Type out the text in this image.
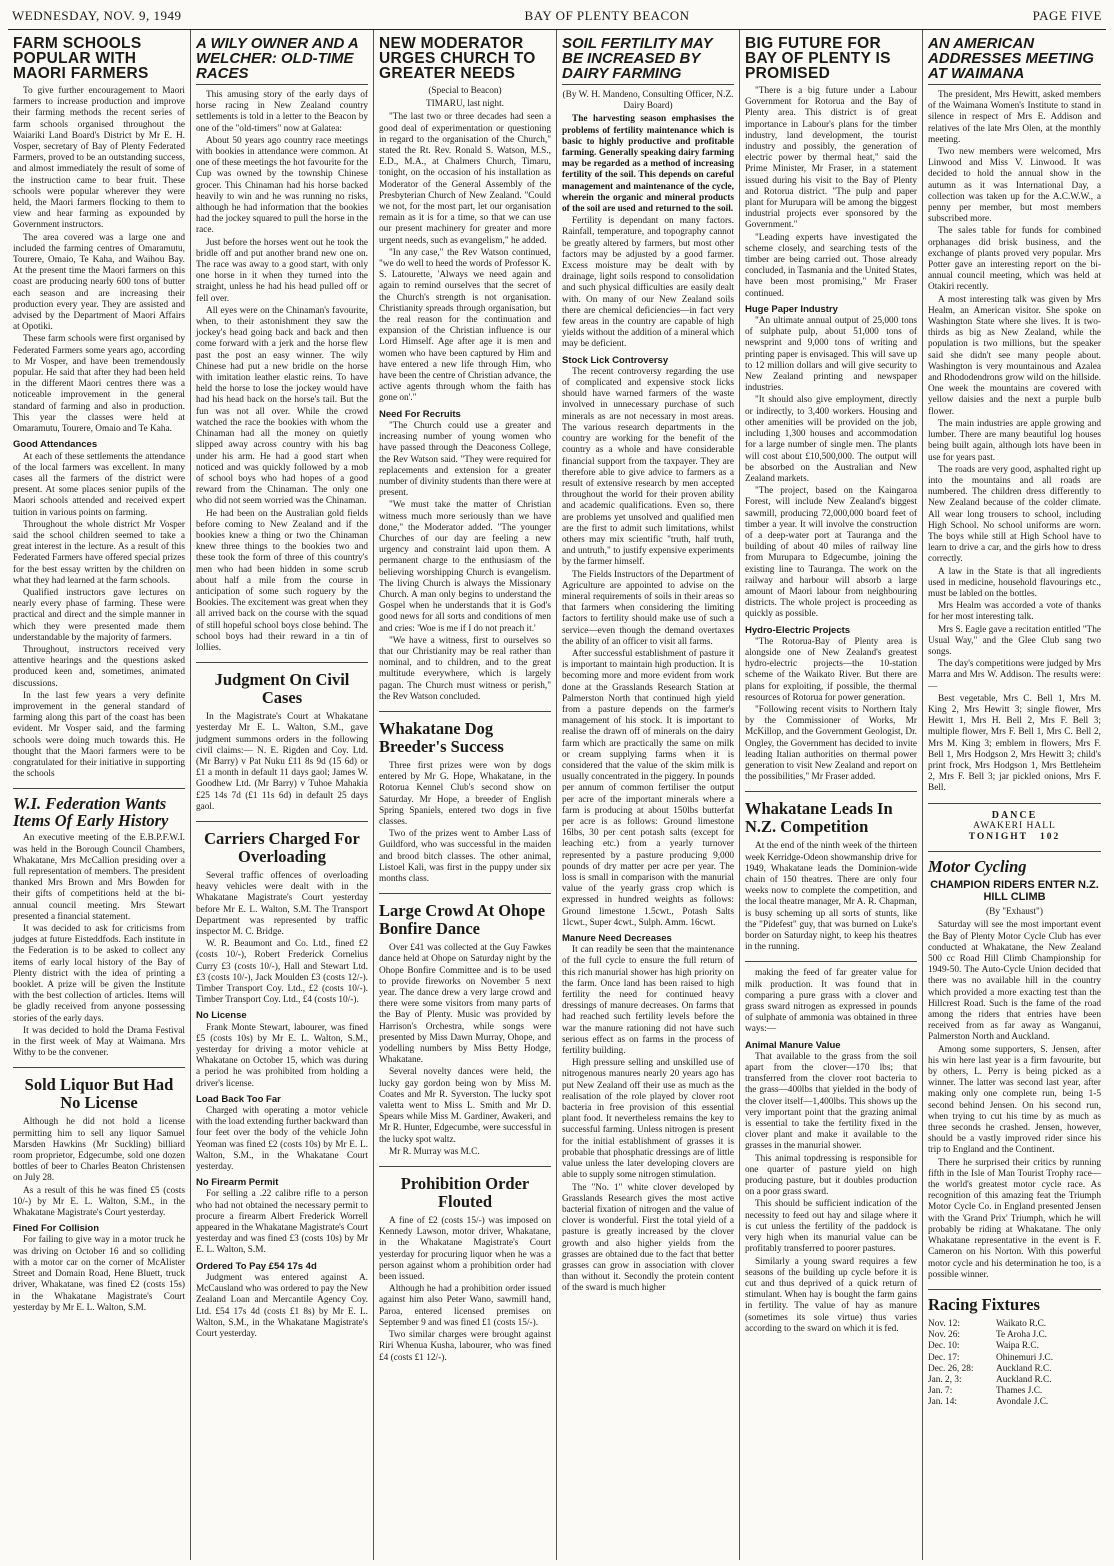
WEDNESDAY, NOV. 9, 1949	BAY OF PLENTY BEACON	PAGE FIVE
FARM SCHOOLS POPULAR WITH MAORI FARMERS

To give further encouragement to Maori farmers to increase production and improve their farming methods the recent series of farm schools organised throughout the Waiariki Land Board's District by Mr E. H. Vosper, secretary of Bay of Plenty Federated Farmers, proved to be an outstanding success, and almost immediately the result of some of the instruction came to bear fruit. These schools were popular wherever they were held, the Maori farmers flocking to them to view and hear farming as expounded by Government instructors.

The area covered was a large one and included the farming centres of Omaramutu, Tourere, Omaio, Te Kaha, and Waihou Bay. At the present time the Maori farmers on this coast are producing nearly 600 tons of butter each season and are increasing their production every year. They are assisted and advised by the Department of Maori Affairs at Opotiki.

These farm schools were first organised by Federated Farmers some years ago, according to Mr Vosper, and have been tremendously popular. He said that after they had been held in the different Maori centres there was a noticeable improvement in the general standard of farming and also in production. This year the classes were held at Omaramutu, Tourere, Omaio and Te Kaha.

Good Attendances

At each of these settlements the attendance of the local farmers was excellent. In many cases all the farmers of the district were present. At some places senior pupils of the Maori schools attended and received expert tuition in various points on farming.

Throughout the whole district Mr Vosper said the school children seemed to take a great interest in the lecture. As a result of this Federated Farmers have offered special prizes for the best essay written by the children on what they had learned at the farm schools.

Qualified instructors gave lectures on nearly every phase of farming. These were practical and direct and the simple manner in which they were presented made them understandable by the majority of farmers.

Throughout, instructors received very attentive hearings and the questions asked produced keen and, sometimes, animated discussions.

In the last few years a very definite improvement in the general standard of farming along this part of the coast has been evident. Mr Vosper said, and the farming schools were doing much towards this. He thought that the Maori farmers were to be congratulated for their initiative in supporting the schools

W.I. Federation Wants Items Of Early History

An executive meeting of the E.B.P.F.W.I. was held in the Borough Council Chambers, Whakatane, Mrs McCallion presiding over a full representation of members. The president thanked Mrs Brown and Mrs Bowden for their gifts of competitions held at the bi-annual council meeting. Mrs Stewart presented a financial statement.

It was decided to ask for criticisms from judges at future Eisteddfods. Each institute in the Federation is to be asked to collect any items of early local history of the Bay of Plenty district with the idea of printing a booklet. A prize will be given the Institute with the best collection of articles. Items will be gladly received from anyone possessing stories of the early days.

It was decided to hold the Drama Festival in the first week of May at Waimana. Mrs Withy to be the convener.

Sold Liquor But Had No License

Although he did not hold a license permitting him to sell any liquor Samuel Marsden Hawkins (Mr Suckling) billiard room proprietor, Edgecumbe, sold one dozen bottles of beer to Charles Beaton Christensen on July 28.

As a result of this he was fined £5 (costs 10/-) by Mr E. L. Walton, S.M., in the Whakatane Magistrate's Court yesterday.

Fined For Collision

For failing to give way in a motor truck he was driving on October 16 and so colliding with a motor car on the corner of McAlister Street and Domain Road, Hene Bluett, truck driver, Whakatane, was fined £2 (costs 15s) in the Whakatane Magistrate's Court yesterday by Mr E. L. Walton, S.M.

A WILY OWNER AND A WELCHER: OLD-TIME RACES

This amusing story of the early days of horse racing in New Zealand country settlements is told in a letter to the Beacon by one of the "old-timers" now at Galatea:

About 50 years ago country race meetings with bookies in attendance were common. At one of these meetings the hot favourite for the Cup was owned by the township Chinese grocer. This Chinaman had his horse backed heavily to win and he was running no risks, although he had information that the bookies had the jockey squared to pull the horse in the race.

Just before the horses went out he took the bridle off and put another brand new one on. The race was away to a good start, with only one horse in it when they turned into the straight, unless he had his head pulled off or fell over.

All eyes were on the Chinaman's favourite, when, to their astonishment they saw the jockey's head going back and back and then come forward with a jerk and the horse flew past the post an easy winner. The wily Chinese had put a new bridle on the horse with imitation leather elastic reins. To have held the horse to lose the jockey would have had his head back on the horse's tail. But the fun was not all over. While the crowd watched the race the bookies with whom the Chinaman had all the money on quietly slipped away across country with his bag under his arm. He had a good start when noticed and was quickly followed by a mob of school boys who had hopes of a good reward from the Chinaman. The only one who did not seem worried was the Chinaman.

He had been on the Australian gold fields before coming to New Zealand and if the bookies knew a thing or two the Chinaman knew three things to the bookies two and these took the form of three of this country's men who had been hidden in some scrub about half a mile from the course in anticipation of some such roguery by the Bookies. The excitement was great when they all arrived back on the course with the squad of still hopeful school boys close behind. The school boys had their reward in a tin of lollies.

Judgment On Civil Cases

In the Magistrate's Court at Whakatane yesterday Mr E. L. Walton, S.M., gave judgment summons orders in the following civil claims:— N. E. Rigden and Coy. Ltd. (Mr Barry) v Pat Nuku £11 8s 9d (15 6d) or £1 a month in default 11 days gaol; James W. Goodhew Ltd. (Mr Barry) v Tuhoe Mahakia £25 14s 7d (£1 11s 6d) in default 25 days gaol.

Carriers Charged For Overloading

Several traffic offences of overloading heavy vehicles were dealt with in the Whakatane Magistrate's Court yesterday before Mr E. L. Walton, S.M. The Transport Department was represented by traffic inspector M. C. Bridge.

W. R. Beaumont and Co. Ltd., fined £2 (costs 10/-), Robert Frederick Cornelius Curry £3 (costs 10/-), Hall and Stewart Ltd. £3 (costs 10/-), Jack Moulden £3 (costs 12/-). Timber Transport Coy. Ltd., £2 (costs 10/-). Timber Transport Coy. Ltd., £4 (costs 10/-).

No License

Frank Monte Stewart, labourer, was fined £5 (costs 10s) by Mr E. L. Walton, S.M., yesterday for driving a motor vehicle at Whakatane on October 15, which was during a period he was prohibited from holding a driver's license.

Load Back Too Far

Charged with operating a motor vehicle with the load extending further backward than four feet over the body of the vehicle John Yeoman was fined £2 (costs 10s) by Mr E. L. Walton, S.M., in the Whakatane Court yesterday.

No Firearm Permit

For selling a .22 calibre rifle to a person who had not obtained the necessary permit to procure a firearm Albert Frederick Worrell appeared in the Whakatane Magistrate's Court yesterday and was fined £3 (costs 10s) by Mr E. L. Walton, S.M.

Ordered To Pay £54 17s 4d

Judgment was entered against A. McCausland who was ordered to pay the New Zealand Loan and Mercantile Agency Coy. Ltd. £54 17s 4d (costs £1 8s) by Mr E. L. Walton, S.M., in the Whakatane Magistrate's Court yesterday.

NEW MODERATOR URGES CHURCH TO GREATER NEEDS
(Special to Beacon)
TIMARU, last night.

"The last two or three decades had seen a good deal of experimentation or questioning in regard to the organisation of the Church," stated the Rt. Rev. Ronald S. Watson, M.S., E.D., M.A., at Chalmers Church, Timaru, tonight, on the occasion of his installation as Moderator of the General Assembly of the Presbyterian Church of New Zealand. "Could we not, for the most part, let our organisation remain as it is for a time, so that we can use our present machinery for greater and more urgent needs, such as evangelism," he added.

"In any case," the Rev Watson continued, "we do well to heed the words of Professor K. S. Latourette, 'Always we need again and again to remind ourselves that the secret of the Church's strength is not organisation. Christianity spreads through organisation, but the real reason for the continuation and expansion of the Christian influence is our Lord Himself. Age after age it is men and women who have been captured by Him and have entered a new life through Him, who have been the centre of Christian advance, the active agents through whom the faith has gone on'."

Need For Recruits

"The Church could use a greater and increasing number of young women who have passed through the Deaconess College, the Rev Watson said. "They were required for replacements and extension for a greater number of divinity students than there were at present.

"We must take the matter of Christian witness much more seriously than we have done," the Moderator added. "The younger Churches of our day are feeling a new urgency and constraint laid upon them. A permanent charge to the enthusiasm of the believing worshipping Church is evangelism. The living Church is always the Missionary Church. A man only begins to understand the Gospel when he understands that it is God's good news for all sorts and conditions of men and cries: 'Woe is me if I do not preach it.'

"We have a witness, first to ourselves so that our Christianity may be real rather than nominal, and to children, and to the great multitude everywhere, which is largely pagan. The Church must witness or perish," the Rev Watson concluded.

Whakatane Dog Breeder's Success

Three first prizes were won by dogs entered by Mr G. Hope, Whakatane, in the Rotorua Kennel Club's second show on Saturday. Mr Hope, a breeder of English Spring Spaniels, entered two dogs in five classes.

Two of the prizes went to Amber Lass of Guildford, who was successful in the maiden and brood bitch classes. The other animal, Listoel Kali, was first in the puppy under six months class.

Large Crowd At Ohope Bonfire Dance

Over £41 was collected at the Guy Fawkes dance held at Ohope on Saturday night by the Ohope Bonfire Committee and is to be used to provide fireworks on November 5 next year. The dance drew a very large crowd and there were some visitors from many parts of the Bay of Plenty. Music was provided by Harrison's Orchestra, while songs were presented by Miss Dawn Murray, Ohope, and yodelling numbers by Miss Betty Hodge, Whakatane.

Several novelty dances were held, the lucky gay gordon being won by Miss M. Coates and Mr R. Syverston. The lucky spot valetta went to Miss L. Smith and Mr D. Spears while Miss M. Gardiner, Awakeri, and Mr R. Hunter, Edgecumbe, were successful in the lucky spot waltz.

Mr R. Murray was M.C.

Prohibition Order Flouted

A fine of £2 (costs 15/-) was imposed on Kennedy Lawson, motor driver, Whakatane, in the Whakatane Magistrate's Court yesterday for procuring liquor when he was a person against whom a prohibition order had been issued.

Although he had a prohibition order issued against him also Peter Wano, sawmill hand, Paroa, entered licensed premises on September 9 and was fined £1 (costs 15/-).

Two similar charges were brought against Riri Whenua Kusha, labourer, who was fined £4 (costs £1 12/-).

SOIL FERTILITY MAY BE INCREASED BY DAIRY FARMING
(By W. H. Mandeno, Consulting Officer, N.Z. Dairy Board)

The harvesting season emphasises the problems of fertility maintenance which is basic to highly productive and profitable farming. Generally speaking dairy farming may be regarded as a method of increasing fertility of the soil. This depends on careful management and maintenance of the cycle, wherein the organic and mineral products of the soil are used and returned to the soil.

Fertility is dependant on many factors. Rainfall, temperature, and topography cannot be greatly altered by farmers, but most other factors may be adjusted by a good farmer. Excess moisture may be dealt with by drainage, light soils respond to consolidation and such physical difficulties are easily dealt with. On many of our New Zealand soils there are chemical deficiencies—in fact very few areas in the country are capable of high yields without the addition of a mineral which may be deficient.

Stock Lick Controversy

The recent controversy regarding the use of complicated and expensive stock licks should have warned farmers of the waste involved in unnecessary purchase of such minerals as are not necessary in most areas. The various research departments in the country are working for the benefit of the country as a whole and have considerable financial support from the taxpayer. They are therefore able to give advice to farmers as a result of extensive research by men accepted throughout the world for their proven ability and academic qualifications. Even so, there are problems yet unsolved and qualified men are the first to admit such limitations, whilst others may mix scientific "truth, half truth, and untruth," to justify expensive experiments by the farmer himself.

The Fields Instructors of the Department of Agriculture are appointed to advise on the mineral requirements of soils in their areas so that farmers when considering the limiting factors to fertility should make use of such a service—even though the demand overtaxes the ability of an officer to visit all farms.

After successful establishment of pasture it is important to maintain high production. It is becoming more and more evident from work done at the Grasslands Research Station at Palmerston North that continued high yield from a pasture depends on the farmer's management of his stock. It is important to realise the drawn off of minerals on the dairy farm which are practically the same on milk or cream supplying farms when it is considered that the value of the skim milk is usually concentrated in the piggery. In pounds per annum of common fertiliser the output per acre of the important minerals where a farm is producing at about 150lbs butterfat per acre is as follows: Ground limestone 16lbs, 30 per cent potash salts (except for leaching etc.) from a yearly turnover represented by a pasture producing 9,000 pounds of dry matter per acre per year. The loss is small in comparison with the manurial value of the yearly grass crop which is expressed in hundred weights as follows: Ground limestone 1.5cwt., Potash Salts 1lcwt., Super 4cwt., Sulph. Amm. 16cwt.

Manure Need Decreases

It can readily be seen that the maintenance of the full cycle to ensure the full return of this rich manurial shower has high priority on the farm. Once land has been raised to high fertility the need for continued heavy dressings of manure decreases. On farms that had reached such fertility levels before the war the manure rationing did not have such serious effect as on farms in the process of fertility building.

High pressure selling and unskilled use of nitrogenous manures nearly 20 years ago has put New Zealand off their use as much as the realisation of the role played by clover root bacteria in free provision of this essential plant food. It nevertheless remains the key to successful farming. Unless nitrogen is present for the initial establishment of grasses it is probable that phosphatic dressings are of little value unless the later developing clovers are able to supply some nitrogen stimulation.

The "No. 1" white clover developed by Grasslands Research gives the most active bacterial fixation of nitrogen and the value of clover is wonderful. First the total yield of a pasture is greatly increased by the clover growth and also higher yields from the grasses are obtained due to the fact that better grasses can grow in association with clover than without it. Secondly the protein content of the sward is much higher

BIG FUTURE FOR BAY OF PLENTY IS PROMISED

"There is a big future under a Labour Government for Rotorua and the Bay of Plenty area. This district is of great importance in Labour's plans for the timber industry, land development, the tourist industry and possibly, the generation of electric power by thermal heat," said the Prime Minister, Mr Fraser, in a statement issued during his visit to the Bay of Plenty and Rotorua district. "The pulp and paper plant for Murupara will be among the biggest industrial projects ever sponsored by the Government."

"Leading experts have investigated the scheme closely, and searching tests of the timber are being carried out. Those already concluded, in Tasmania and the United States, have been most promising," Mr Fraser continued.

Huge Paper Industry

"An ultimate annual output of 25,000 tons of sulphate pulp, about 51,000 tons of newsprint and 9,000 tons of writing and printing paper is envisaged. This will save up to 12 million dollars and will give security to New Zealand printing and newspaper industries.

"It should also give employment, directly or indirectly, to 3,400 workers. Housing and other amenities will be provided on the job, including 1,300 houses and accommodation for a large number of single men. The plants will cost about £10,500,000. The output will be absorbed on the Australian and New Zealand markets.

"The project, based on the Kaingaroa Forest, will include New Zealand's biggest sawmill, producing 72,000,000 board feet of timber a year. It will involve the construction of a deep-water port at Tauranga and the building of about 40 miles of railway line from Murupara to Edgecumbe, joining the existing line to Tauranga. The work on the railway and harbour will absorb a large amount of Maori labour from neighbouring districts. The whole project is proceeding as quickly as possible.

Hydro-Electric Projects

"The Rotorua-Bay of Plenty area is alongside one of New Zealand's greatest hydro-electric projects—the 10-station scheme of the Waikato River. But there are plans for exploiting, if possible, the thermal resources of Rotorua for power generation.

"Following recent visits to Northern Italy by the Commissioner of Works, Mr McKillop, and the Government Geologist, Dr. Ongley, the Government has decided to invite leading Italian authorities on thermal power generation to visit New Zealand and report on the possibilities," Mr Fraser added.

Whakatane Leads In N.Z. Competition

At the end of the ninth week of the thirteen week Kerridge-Odeon showmanship drive for 1949, Whakatane leads the Dominion-wide chain of 150 theatres. There are only four weeks now to complete the competition, and the local theatre manager, Mr A. R. Chapman, is busy scheming up all sorts of stunts, like the "Pidefest" guy, that was burned on Luke's border on Saturday night, to keep his theatres in the running.

making the feed of far greater value for milk production. It was found that in comparing a pure grass with a clover and grass sward nitrogen as expressed in pounds of sulphate of ammonia was obtained in three ways:—

Animal Manure Value

That available to the grass from the soil apart from the clover—170 lbs; that transferred from the clover root bacteria to the grass—400lbs that yielded in the body of the clover itself—1,400lbs. This shows up the very important point that the grazing animal is essential to take the fertility fixed in the clover plant and make it available to the grasses in the manurial shower.

This animal topdressing is responsible for one quarter of pasture yield on high producing pasture, but it doubles production on a poor grass sward.

This should be sufficient indication of the necessity to feed out hay and silage where it is cut unless the fertility of the paddock is very high when its manurial value can be profitably transferred to poorer pastures.

Similarly a young sward requires a few seasons of the building up cycle before it is cut and thus deprived of a quick return of stimulant. When hay is bought the farm gains in fertility. The value of hay as manure (sometimes its sole virtue) thus varies according to the sward on which it is fed.

AN AMERICAN ADDRESSES MEETING AT WAIMANA

The president, Mrs Hewitt, asked members of the Waimana Women's Institute to stand in silence in respect of Mrs E. Addison and relatives of the late Mrs Olen, at the monthly meeting.

Two new members were welcomed, Mrs Linwood and Miss V. Linwood. It was decided to hold the annual show in the autumn as it was International Day, a collection was taken up for the A.C.W.W., a penny per member, but most members subscribed more.

The sales table for funds for combined orphanages did brisk business, and the exchange of plants proved very popular. Mrs Potter gave an interesting report on the bi-annual council meeting, which was held at Otakiri recently.

A most interesting talk was given by Mrs Healm, an American visitor. She spoke on Washington State where she lives. It is two-thirds as big as New Zealand, while the population is two millions, but the speaker said she didn't see many people about. Washington is very mountainous and Azalea and Rhododendrons grow wild on the hillside. One week the mountains are covered with yellow daisies and the next a purple bulb flower.

The main industries are apple growing and lumber. There are many beautiful log houses being built again, although lots have been in use for years past.

The roads are very good, asphalted right up into the mountains and all roads are numbered. The children dress differently to New Zealand because of the colder climate. All wear long trousers to school, including High School. No school uniforms are worn. The boys while still at High School have to learn to drive a car, and the girls how to dress correctly.

A law in the State is that all ingredients used in medicine, household flavourings etc., must be labled on the bottles.

Mrs Healm was accorded a vote of thanks for her most interesting talk.

Mrs S. Eagle gave a recitation entitled "The Usual Way," and the Glee Club sang two songs.

The day's competitions were judged by Mrs Marra and Mrs W. Addison. The results were:—

Best vegetable, Mrs C. Bell 1, Mrs M. King 2, Mrs Hewitt 3; single flower, Mrs Hewitt 1, Mrs H. Bell 2, Mrs F. Bell 3; multiple flower, Mrs F. Bell 1, Mrs C. Bell 2, Mrs M. King 3; emblem in flowers, Mrs F. Bell 1, Mrs Hodgson 2, Mrs Hewitt 3; child's print frock, Mrs Hodgson 1, Mrs Bettleheim 2, Mrs F. Bell 3; jar pickled onions, Mrs F. Bell.

DANCE
AWAKERI HALL
TONIGHT 102
Motor Cycling
CHAMPION RIDERS ENTER N.Z. HILL CLIMB
(By "Exhaust")

Saturday will see the most important event the Bay of Plenty Motor Cycle Club has ever conducted at Whakatane, the New Zealand 500 cc Road Hill Climb Championship for 1949-50. The Auto-Cycle Union decided that there was no available hill in the country which provided a more exacting test than the Hillcrest Road. Such is the fame of the road among the riders that entries have been received from as far away as Wanganui, Palmerston North and Auckland.

Among some supporters, S. Jensen, after his win here last year is a firm favourite, but by others, L. Perry is being picked as a winner. The latter was second last year, after making only one complete run, being 1-5 second behind Jensen. On his second run, when trying to cut his time by as much as three seconds he crashed. Jensen, however, should be a vastly improved rider since his trip to England and the Continent.

There he surprised their critics by running fifth in the Isle of Man Tourist Trophy race—the world's greatest motor cycle race. As recognition of this amazing feat the Triumph Motor Cycle Co. in England presented Jensen with the 'Grand Prix' Triumph, which he will probably be riding at Whakatane. The only Whakatane representative in the event is F. Cameron on his Norton. With this powerful motor cycle and his determination he too, is a possible winner.

Racing Fixtures
Nov. 12:	Waikato R.C.
Nov. 26:	Te Aroha J.C.
Dec. 10:	Waipa R.C.
Dec. 17:	Ohinemuri J.C.
Dec. 26, 28:	Auckland R.C.
Jan. 2, 3:	Auckland R.C.
Jan. 7:	Thames J.C.
Jan. 14:	Avondale J.C.
